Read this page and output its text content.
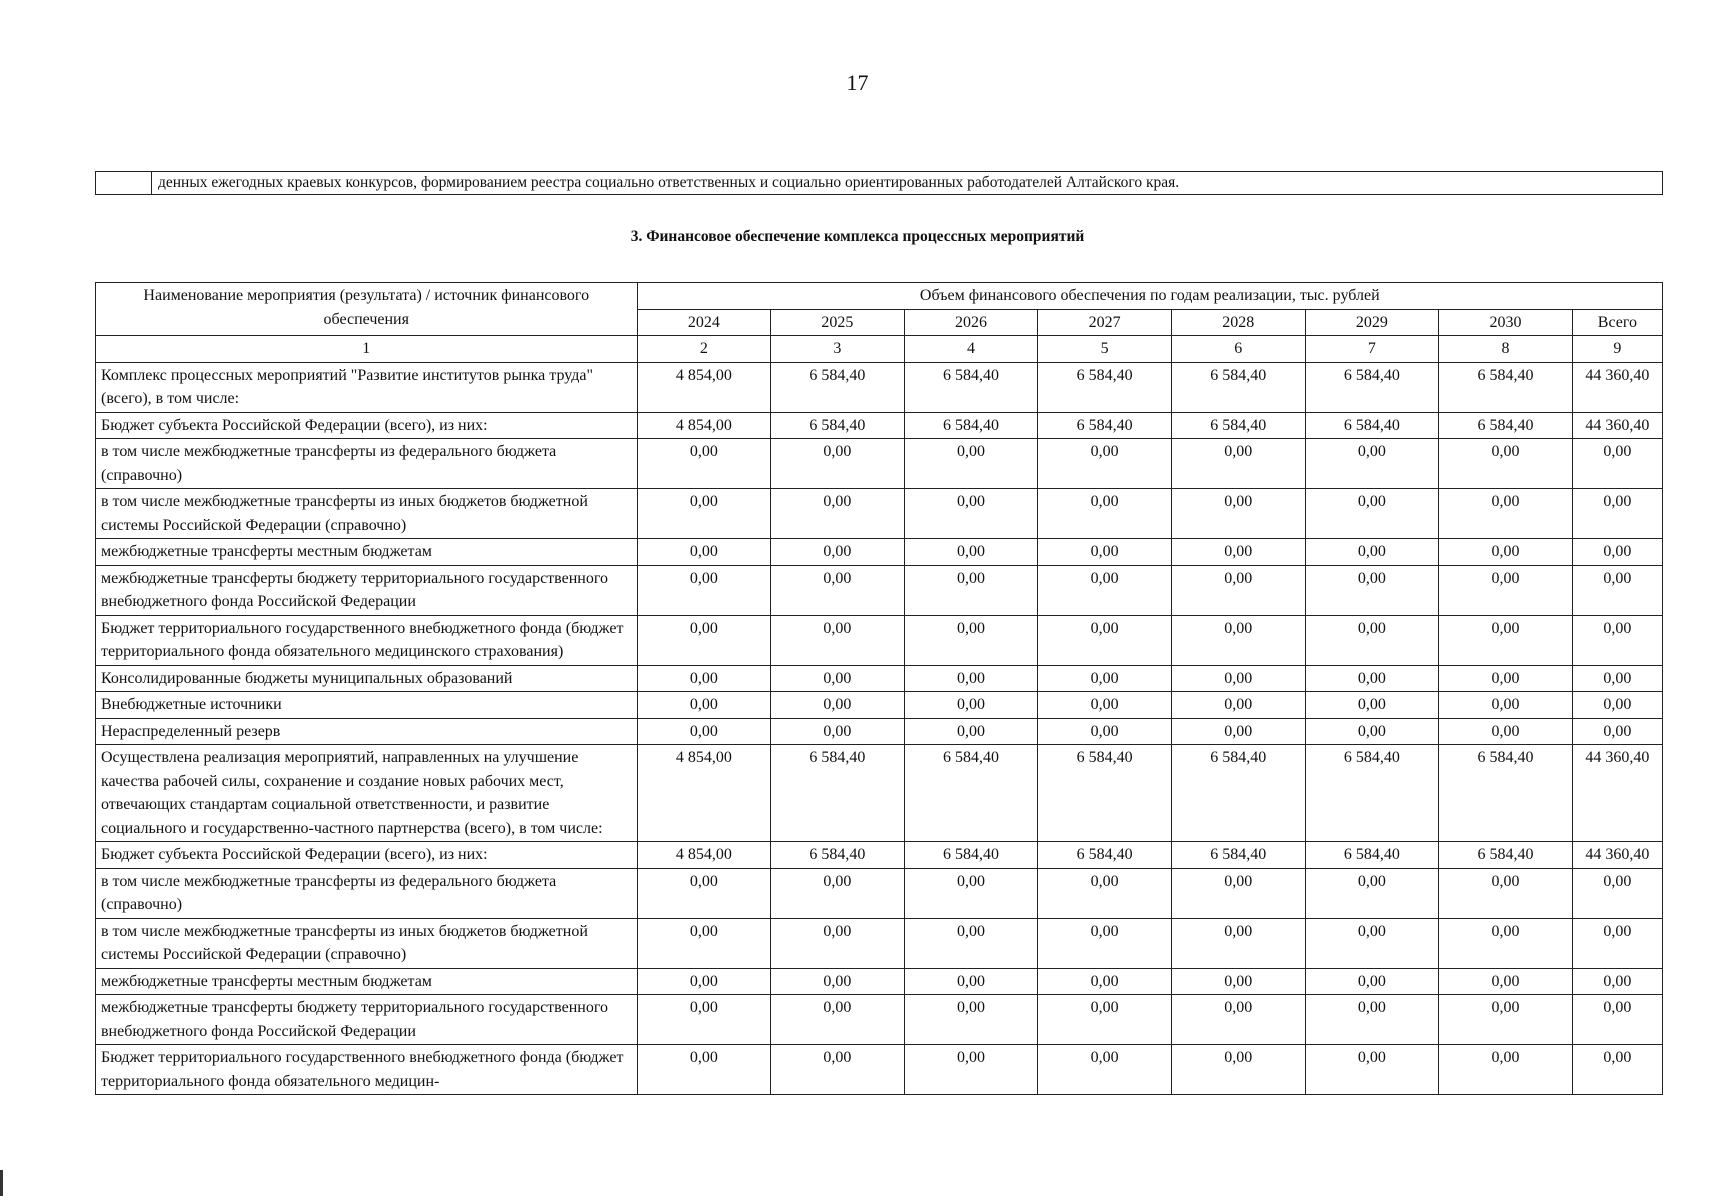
17
денных ежегодных краевых конкурсов, формированием реестра социально ответственных и социально ориентированных работодателей Алтайского края.
3. Финансовое обеспечение комплекса процессных мероприятий
Наименование мероприятия (результата) / источник финансового обеспечения	Объем финансового обеспечения по годам реализации, тыс. рублей							
	2024	2025	2026	2027	2028	2029	2030	Всего
1	2	3	4	5	6	7	8	9
Комплекс процессных мероприятий "Развитие институтов рынка труда" (всего), в том числе:	4 854,00	6 584,40	6 584,40	6 584,40	6 584,40	6 584,40	6 584,40	44 360,40
Бюджет субъекта Российской Федерации (всего), из них:	4 854,00	6 584,40	6 584,40	6 584,40	6 584,40	6 584,40	6 584,40	44 360,40
в том числе межбюджетные трансферты из федерального бюджета (справочно)	0,00	0,00	0,00	0,00	0,00	0,00	0,00	0,00
в том числе межбюджетные трансферты из иных бюджетов бюджетной системы Российской Федерации (справочно)	0,00	0,00	0,00	0,00	0,00	0,00	0,00	0,00
межбюджетные трансферты местным бюджетам	0,00	0,00	0,00	0,00	0,00	0,00	0,00	0,00
межбюджетные трансферты бюджету территориального государственного внебюджетного фонда Российской Федерации	0,00	0,00	0,00	0,00	0,00	0,00	0,00	0,00
Бюджет территориального государственного внебюджетного фонда (бюджет территориального фонда обязательного медицинского страхования)	0,00	0,00	0,00	0,00	0,00	0,00	0,00	0,00
Консолидированные бюджеты муниципальных образований	0,00	0,00	0,00	0,00	0,00	0,00	0,00	0,00
Внебюджетные источники	0,00	0,00	0,00	0,00	0,00	0,00	0,00	0,00
Нераспределенный резерв	0,00	0,00	0,00	0,00	0,00	0,00	0,00	0,00
Осуществлена реализация мероприятий, направленных на улучшение качества рабочей силы, сохранение и создание новых рабочих мест, отвечающих стандартам социальной ответственности, и развитие социального и государственно-частного партнерства (всего), в том числе:	4 854,00	6 584,40	6 584,40	6 584,40	6 584,40	6 584,40	6 584,40	44 360,40
Бюджет субъекта Российской Федерации (всего), из них:	4 854,00	6 584,40	6 584,40	6 584,40	6 584,40	6 584,40	6 584,40	44 360,40
в том числе межбюджетные трансферты из федерального бюджета (справочно)	0,00	0,00	0,00	0,00	0,00	0,00	0,00	0,00
в том числе межбюджетные трансферты из иных бюджетов бюджетной системы Российской Федерации (справочно)	0,00	0,00	0,00	0,00	0,00	0,00	0,00	0,00
межбюджетные трансферты местным бюджетам	0,00	0,00	0,00	0,00	0,00	0,00	0,00	0,00
межбюджетные трансферты бюджету территориального государственного внебюджетного фонда Российской Федерации	0,00	0,00	0,00	0,00	0,00	0,00	0,00	0,00
Бюджет территориального государственного внебюджетного фонда (бюджет территориального фонда обязательного медицин-	0,00	0,00	0,00	0,00	0,00	0,00	0,00	0,00
